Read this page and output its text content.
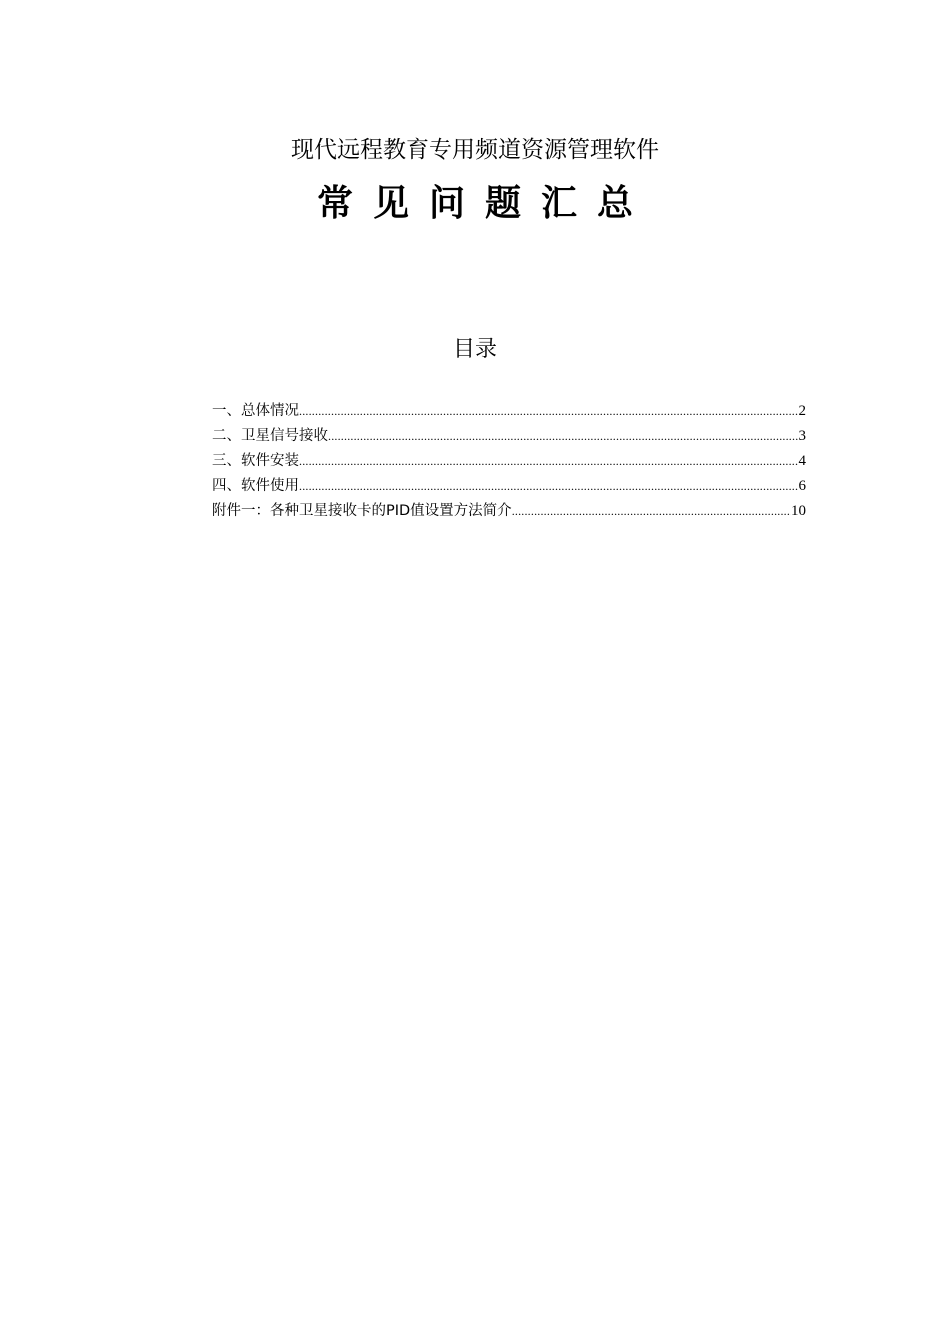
现代远程教育专用频道资源管理软件
常见问题汇总
目录
一、总体情况 .....	2
二、卫星信号接收 .....	3
三、软件安装 .....	4
四、软件使用 .....	6
附件一：各种卫星接收卡的PID值设置方法简介 .....	10
